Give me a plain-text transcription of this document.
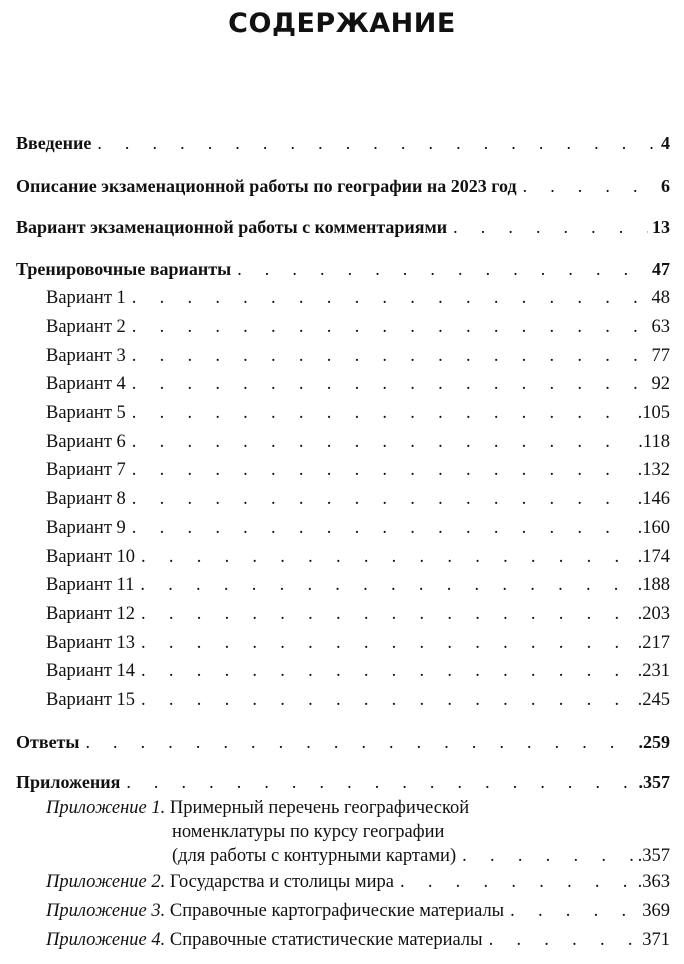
СОДЕРЖАНИЕ
Введение . . .	4
Описание экзаменационной работы по географии на 2023 год . . .	6
Вариант экзаменационной работы с комментариями . . .	13
Тренировочные варианты . . .	47
Вариант 1 . . .	48
Вариант 2 . . .	63
Вариант 3 . . .	77
Вариант 4 . . .	92
Вариант 5 . . .	.105
Вариант 6 . . .	.118
Вариант 7 . . .	.132
Вариант 8 . . .	.146
Вариант 9 . . .	.160
Вариант 10 . . .	.174
Вариант 11 . . .	.188
Вариант 12 . . .	.203
Вариант 13 . . .	.217
Вариант 14 . . .	.231
Вариант 15 . . .	.245
Ответы . . .	.259
Приложения . . .	.357
Приложение 1. Примерный перечень географической
номенклатуры по курсу географии
(для работы с контурными картами) . . .	.357
Приложение 2. Государства и столицы мира . . .	.363
Приложение 3. Справочные картографические материалы . . .	369
Приложение 4. Справочные статистические материалы . . .	371
